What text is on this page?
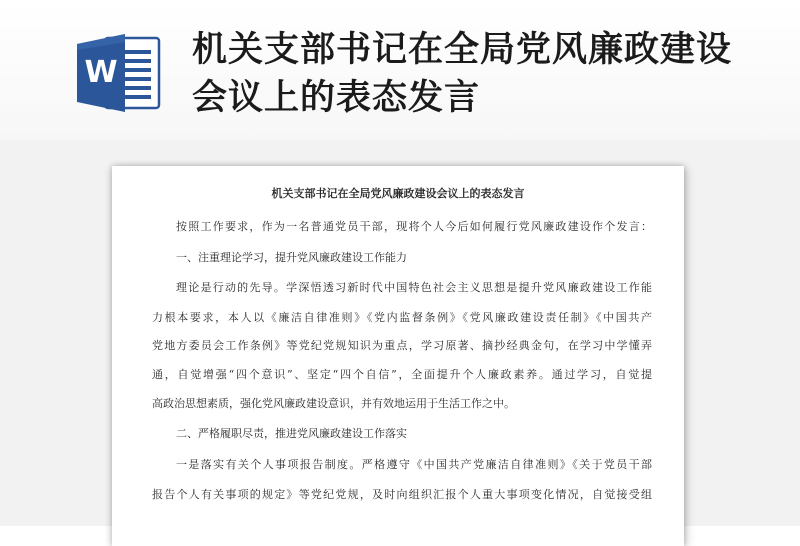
W
机关支部书记在全局党风廉政建设会议上的表态发言
机关支部书记在全局党风廉政建设会议上的表态发言
按照工作要求，作为一名普通党员干部，现将个人今后如何履行党风廉政建设作个发言：
一、注重理论学习，提升党风廉政建设工作能力
理论是行动的先导。学深悟透习新时代中国特色社会主义思想是提升党风廉政建设工作能
力根本要求，本人以《廉洁自律准则》《党内监督条例》《党风廉政建设责任制》《中国共产
党地方委员会工作条例》等党纪党规知识为重点，学习原著、摘抄经典金句，在学习中学懂弄
通，自觉增强“四个意识”、坚定“四个自信”，全面提升个人廉政素养。通过学习，自觉提
高政治思想素质，强化党风廉政建设意识，并有效地运用于生活工作之中。
二、严格履职尽责，推进党风廉政建设工作落实
一是落实有关个人事项报告制度。严格遵守《中国共产党廉洁自律准则》《关于党员干部
报告个人有关事项的规定》等党纪党规，及时向组织汇报个人重大事项变化情况，自觉接受组
